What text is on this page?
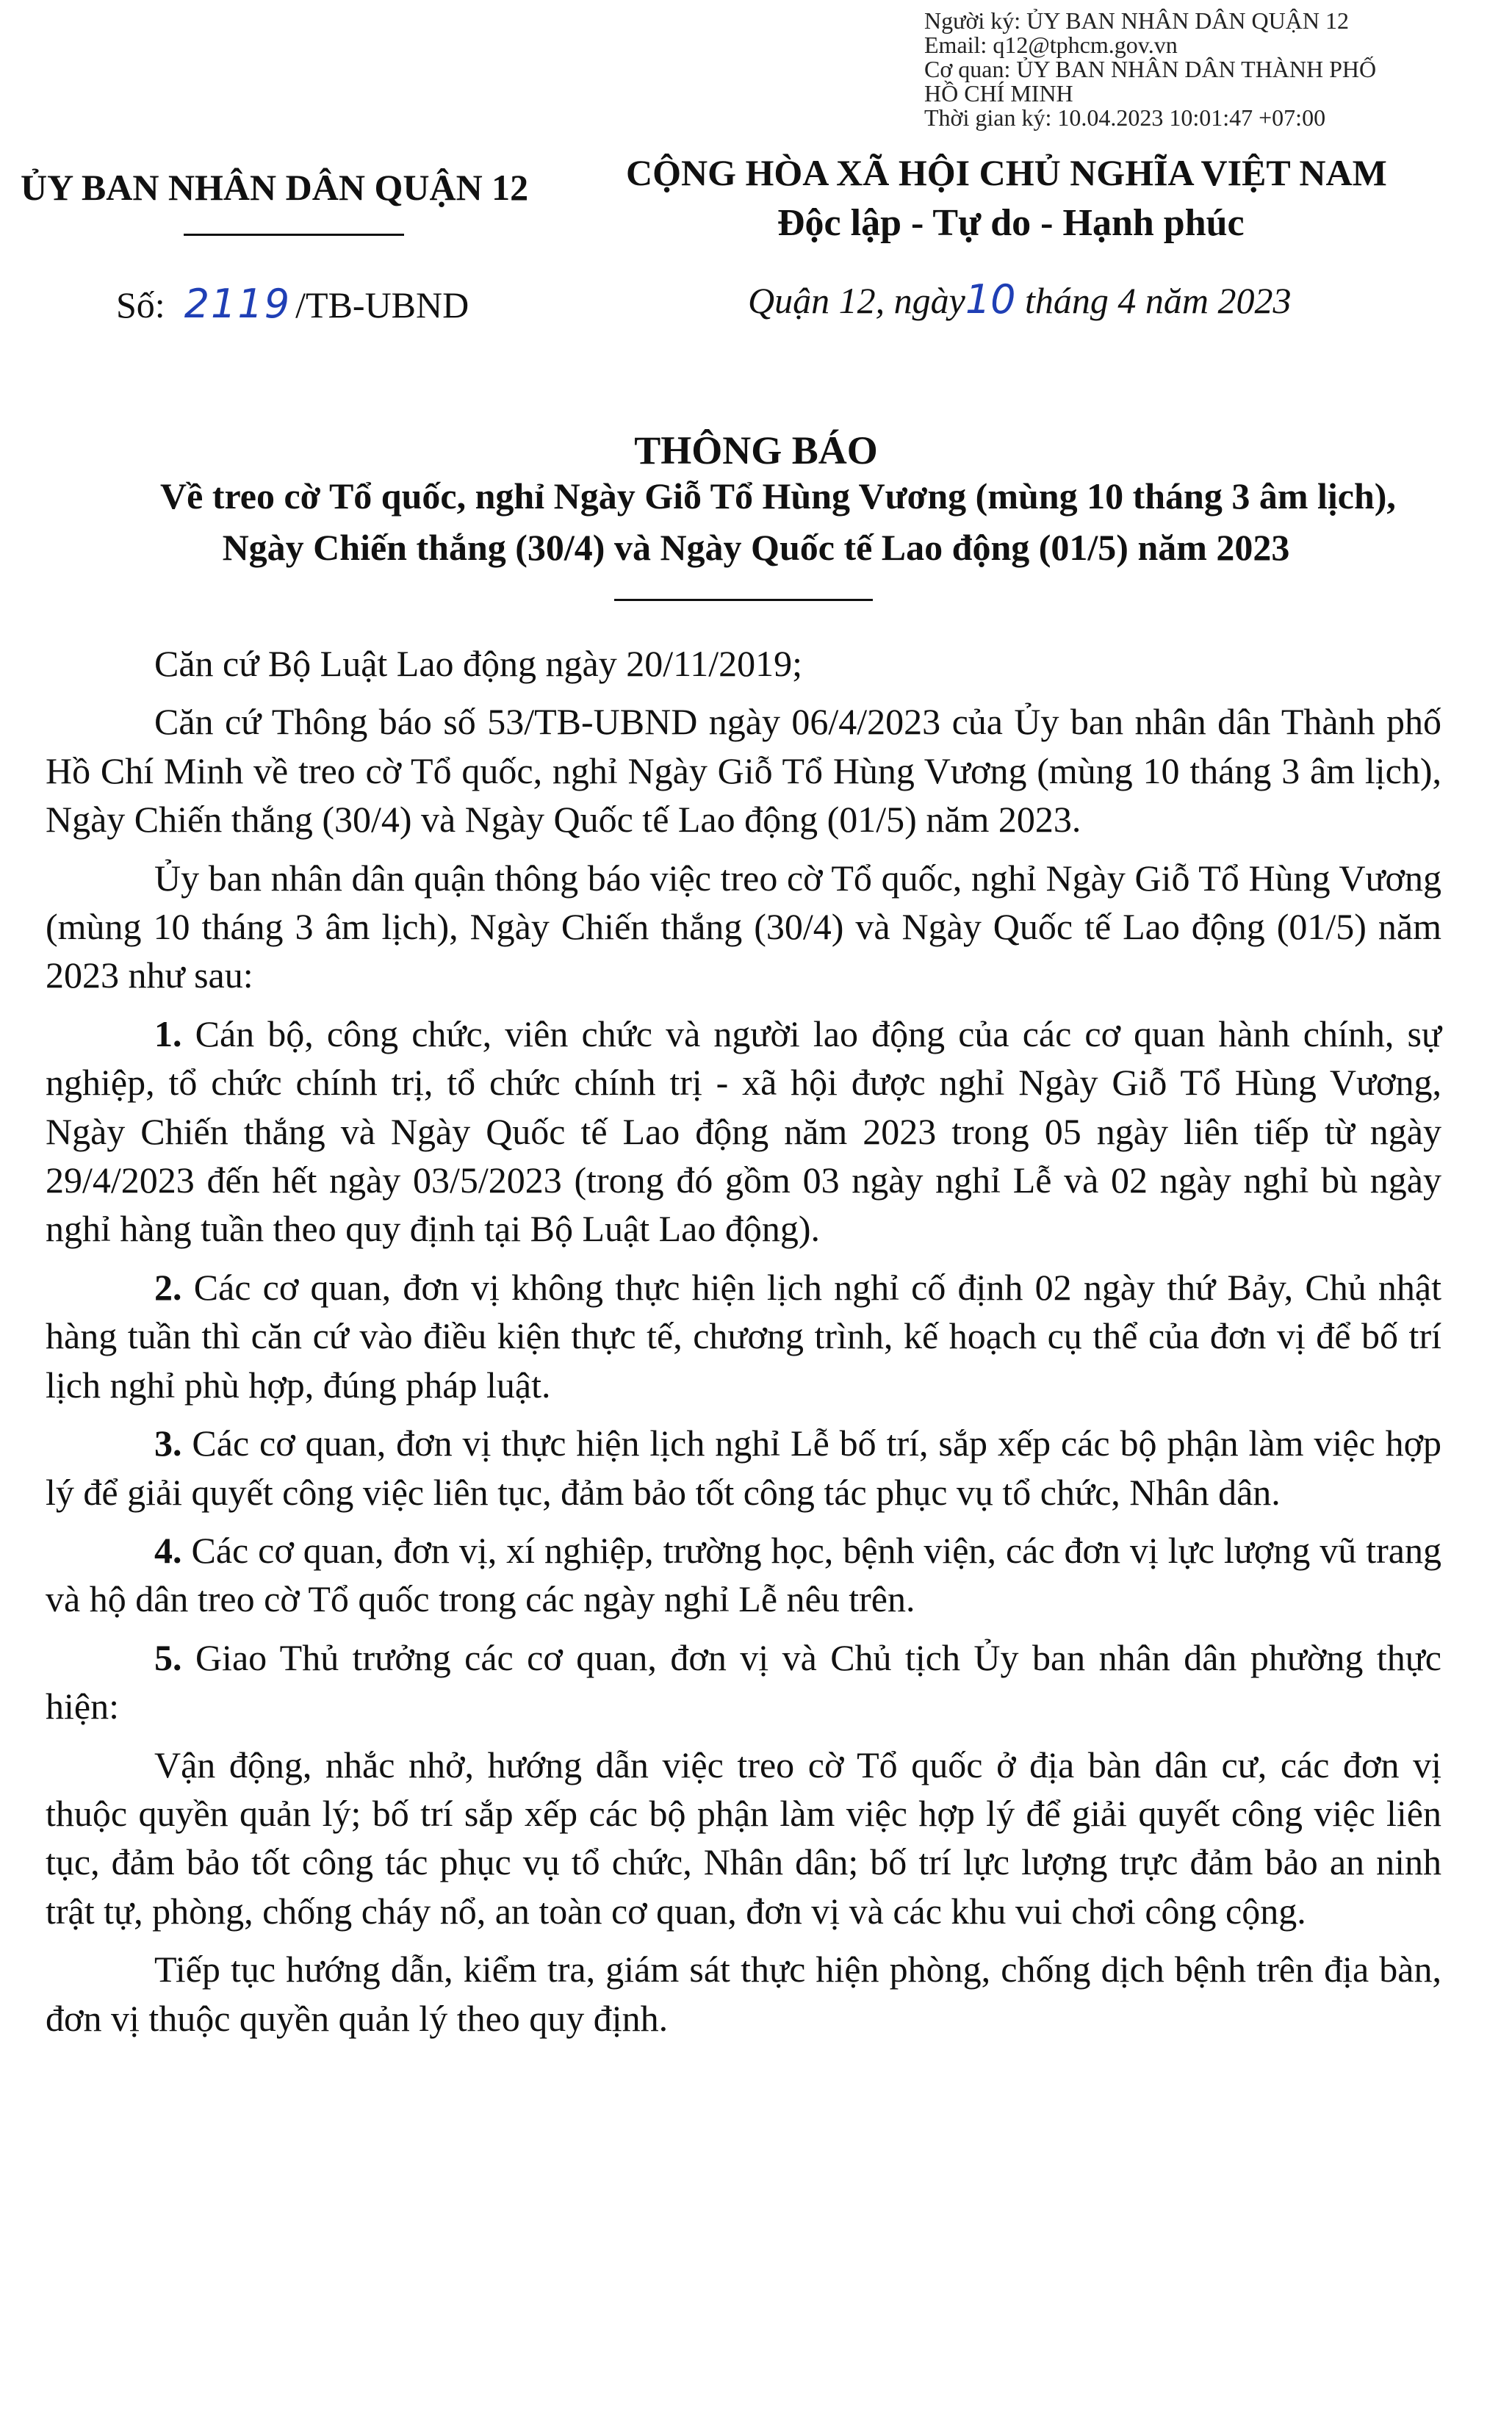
Người ký: ỦY BAN NHÂN DÂN QUẬN 12
Email: q12@tphcm.gov.vn
Cơ quan: ỦY BAN NHÂN DÂN THÀNH PHỐ
HỒ CHÍ MINH
Thời gian ký: 10.04.2023 10:01:47 +07:00
ỦY BAN NHÂN DÂN QUẬN 12	CỘNG HÒA XÃ HỘI CHỦ NGHĨA VIỆT NAM
Độc lập - Tự do - Hạnh phúc
Số: 2119 /TB-UBND	Quận 12, ngày10 tháng 4 năm 2023
THÔNG BÁO
Về treo cờ Tổ quốc, nghỉ Ngày Giỗ Tổ Hùng Vương (mùng 10 tháng 3 âm lịch),
Ngày Chiến thắng (30/4) và Ngày Quốc tế Lao động (01/5) năm 2023

Căn cứ Bộ Luật Lao động ngày 20/11/2019;

Căn cứ Thông báo số 53/TB-UBND ngày 06/4/2023 của Ủy ban nhân dân Thành phố Hồ Chí Minh về treo cờ Tổ quốc, nghỉ Ngày Giỗ Tổ Hùng Vương (mùng 10 tháng 3 âm lịch), Ngày Chiến thắng (30/4) và Ngày Quốc tế Lao động (01/5) năm 2023.

Ủy ban nhân dân quận thông báo việc treo cờ Tổ quốc, nghỉ Ngày Giỗ Tổ Hùng Vương (mùng 10 tháng 3 âm lịch), Ngày Chiến thắng (30/4) và Ngày Quốc tế Lao động (01/5) năm 2023 như sau:

1. Cán bộ, công chức, viên chức và người lao động của các cơ quan hành chính, sự nghiệp, tổ chức chính trị, tổ chức chính trị - xã hội được nghỉ Ngày Giỗ Tổ Hùng Vương, Ngày Chiến thắng và Ngày Quốc tế Lao động năm 2023 trong 05 ngày liên tiếp từ ngày 29/4/2023 đến hết ngày 03/5/2023 (trong đó gồm 03 ngày nghỉ Lễ và 02 ngày nghỉ bù ngày nghỉ hàng tuần theo quy định tại Bộ Luật Lao động).

2. Các cơ quan, đơn vị không thực hiện lịch nghỉ cố định 02 ngày thứ Bảy, Chủ nhật hàng tuần thì căn cứ vào điều kiện thực tế, chương trình, kế hoạch cụ thể của đơn vị để bố trí lịch nghỉ phù hợp, đúng pháp luật.

3. Các cơ quan, đơn vị thực hiện lịch nghỉ Lễ bố trí, sắp xếp các bộ phận làm việc hợp lý để giải quyết công việc liên tục, đảm bảo tốt công tác phục vụ tổ chức, Nhân dân.

4. Các cơ quan, đơn vị, xí nghiệp, trường học, bệnh viện, các đơn vị lực lượng vũ trang và hộ dân treo cờ Tổ quốc trong các ngày nghỉ Lễ nêu trên.

5. Giao Thủ trưởng các cơ quan, đơn vị và Chủ tịch Ủy ban nhân dân phường thực hiện:

Vận động, nhắc nhở, hướng dẫn việc treo cờ Tổ quốc ở địa bàn dân cư, các đơn vị thuộc quyền quản lý; bố trí sắp xếp các bộ phận làm việc hợp lý để giải quyết công việc liên tục, đảm bảo tốt công tác phục vụ tổ chức, Nhân dân; bố trí lực lượng trực đảm bảo an ninh trật tự, phòng, chống cháy nổ, an toàn cơ quan, đơn vị và các khu vui chơi công cộng.

Tiếp tục hướng dẫn, kiểm tra, giám sát thực hiện phòng, chống dịch bệnh trên địa bàn, đơn vị thuộc quyền quản lý theo quy định.
